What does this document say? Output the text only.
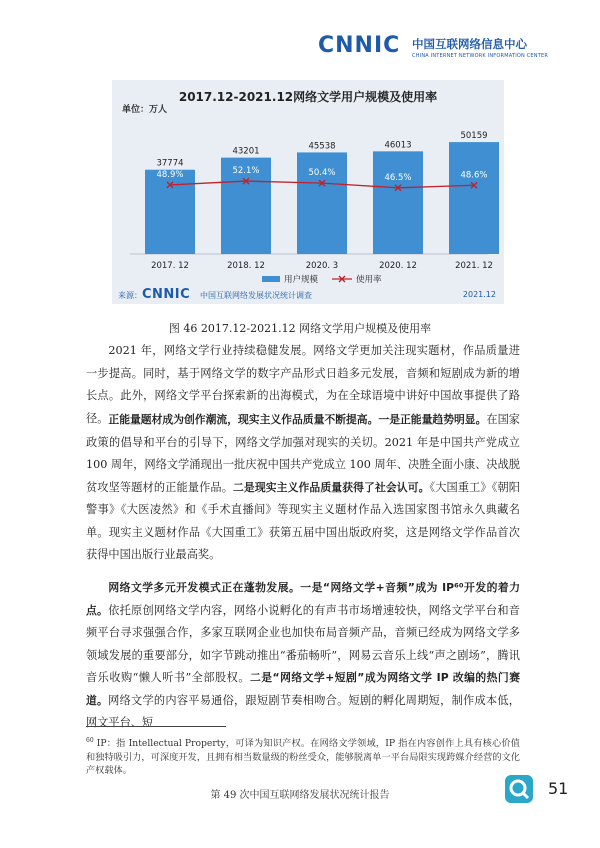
CNNIC 中国互联网络信息中心
CHINA INTERNET NETWORK INFORMATION CENTER
2017.12-2021.12网络文学用户规模及使用率
单位：万人
37774
2017. 12
43201
2018. 12
45538
2020. 3
46013
2020. 12
50159
2021. 12
48.9%	52.1%	50.4%	46.5%	48.6%
用户规模	使用率
来源： CNNIC 中国互联网络发展状况统计调查	2021.12
图 46 2017.12-2021.12 网络文学用户规模及使用率
2021 年，网络文学行业持续稳健发展。网络文学更加关注现实题材，作品质量进一步提高。同时，基于网络文学的数字产品形式日趋多元发展，音频和短剧成为新的增长点。此外，网络文学平台探索新的出海模式，为在全球语境中讲好中国故事提供了路径。 正能量题材成为创作潮流，现实主义作品质量不断提高。一是正能量趋势明显。在国家政策的倡导和平台的引导下，网络文学加强对现实的关切。2021 年是中国共产党成立 100 周年，网络文学涌现出一批庆祝中国共产党成立 100 周年、决胜全面小康、决战脱贫攻坚等题材的正能量作品。二是现实主义作品质量获得了社会认可。《大国重工》《朝阳警事》《大医凌然》和《手术直播间》等现实主义题材作品入选国家图书馆永久典藏名单。现实主义题材作品《大国重工》获第五届中国出版政府奖，这是网络文学作品首次获得中国出版行业最高奖。
网络文学多元开发模式正在蓬勃发展。一是“网络文学+音频”成为 IP⁶⁰开发的着力点。依托原创网络文学内容，网络小说孵化的有声书市场增速较快，网络文学平台和音频平台寻求强强合作，多家互联网企业也加快布局音频产品，音频已经成为网络文学多领域发展的重要部分，如字节跳动推出“番茄畅听”，网易云音乐上线“声之剧场”，腾讯音乐收购“懒人听书”全部股权。二是“网络文学+短剧”成为网络文学 IP 改编的热门赛道。网络文学的内容平易通俗，跟短剧节奏相吻合。短剧的孵化周期短，制作成本低，网文平台、短
$^{60}$ IP：指 Intellectual Property，可译为知识产权。在网络文学领域，IP 指在内容创作上具有核心价值和独特吸引力，可深度开发，且拥有相当数量级的粉丝受众，能够脱离单一平台局限实现跨媒介经营的文化产权载体。
第 49 次中国互联网络发展状况统计报告	51
